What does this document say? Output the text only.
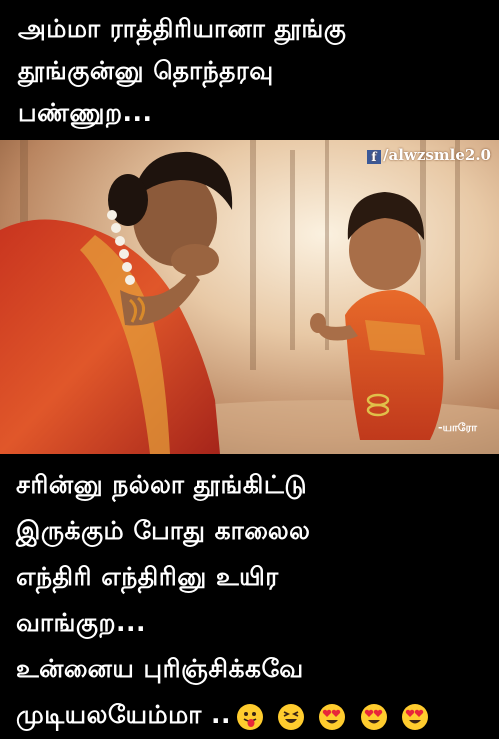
அம்மா ராத்திரியானா தூங்கு
தூங்குன்னு தொந்தரவு
பண்ணுற...
f /alwzsmle2.0
-யாரோ
சரின்னு நல்லா தூங்கிட்டு
இருக்கும் போது காலைல
எந்திரி எந்திரினு உயிர
வாங்குற...
உன்னைய புரிஞ்சிக்கவே
முடியலயேம்மா ..
